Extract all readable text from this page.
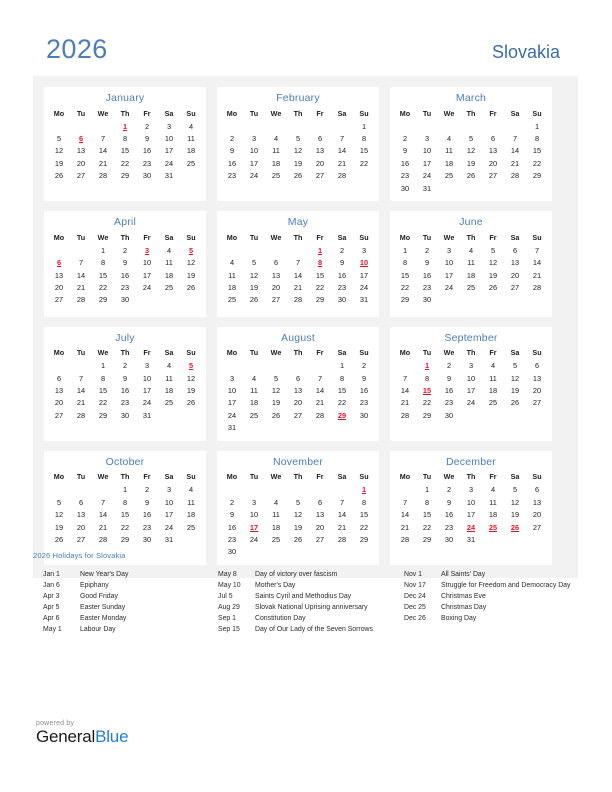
2026	Slovakia
January
Mo	Tu	We	Th	Fr	Sa	Su
			1	2	3	4
5	6	7	8	9	10	11
12	13	14	15	16	17	18
19	20	21	22	23	24	25
26	27	28	29	30	31	

February
Mo	Tu	We	Th	Fr	Sa	Su
						1
2	3	4	5	6	7	8
9	10	11	12	13	14	15
16	17	18	19	20	21	22
23	24	25	26	27	28	

March
Mo	Tu	We	Th	Fr	Sa	Su
						1
2	3	4	5	6	7	8
9	10	11	12	13	14	15
16	17	18	19	20	21	22
23	24	25	26	27	28	29
30	31					
April
Mo	Tu	We	Th	Fr	Sa	Su
		1	2	3	4	5
6	7	8	9	10	11	12
13	14	15	16	17	18	19
20	21	22	23	24	25	26
27	28	29	30			

May
Mo	Tu	We	Th	Fr	Sa	Su
				1	2	3
4	5	6	7	8	9	10
11	12	13	14	15	16	17
18	19	20	21	22	23	24
25	26	27	28	29	30	31

June
Mo	Tu	We	Th	Fr	Sa	Su
1	2	3	4	5	6	7
8	9	10	11	12	13	14
15	16	17	18	19	20	21
22	23	24	25	26	27	28
29	30					

July
Mo	Tu	We	Th	Fr	Sa	Su
		1	2	3	4	5
6	7	8	9	10	11	12
13	14	15	16	17	18	19
20	21	22	23	24	25	26
27	28	29	30	31		

August
Mo	Tu	We	Th	Fr	Sa	Su
					1	2
3	4	5	6	7	8	9
10	11	12	13	14	15	16
17	18	19	20	21	22	23
24	25	26	27	28	29	30
31						
September
Mo	Tu	We	Th	Fr	Sa	Su
	1	2	3	4	5	6
7	8	9	10	11	12	13
14	15	16	17	18	19	20
21	22	23	24	25	26	27
28	29	30				

October
Mo	Tu	We	Th	Fr	Sa	Su
			1	2	3	4
5	6	7	8	9	10	11
12	13	14	15	16	17	18
19	20	21	22	23	24	25
26	27	28	29	30	31	

November
Mo	Tu	We	Th	Fr	Sa	Su
						1
2	3	4	5	6	7	8
9	10	11	12	13	14	15
16	17	18	19	20	21	22
23	24	25	26	27	28	29
30						
December
Mo	Tu	We	Th	Fr	Sa	Su
	1	2	3	4	5	6
7	8	9	10	11	12	13
14	15	16	17	18	19	20
21	22	23	24	25	26	27
28	29	30	31			

2026 Holidays for Slovakia
Jan 1	New Year's Day
Jan 6	Epiphany
Apr 3	Good Friday
Apr 5	Easter Sunday
Apr 6	Easter Monday
May 1	Labour Day
May 8	Day of victory over fascism
May 10	Mother's Day
Jul 5	Saints Cyril and Methodius Day
Aug 29	Slovak National Uprising anniversary
Sep 1	Constitution Day
Sep 15	Day of Our Lady of the Seven Sorrows
Nov 1	All Saints' Day
Nov 17	Struggle for Freedom and Democracy Day
Dec 24	Christmas Eve
Dec 25	Christmas Day
Dec 26	Boxing Day
powered by
GeneralBlue
